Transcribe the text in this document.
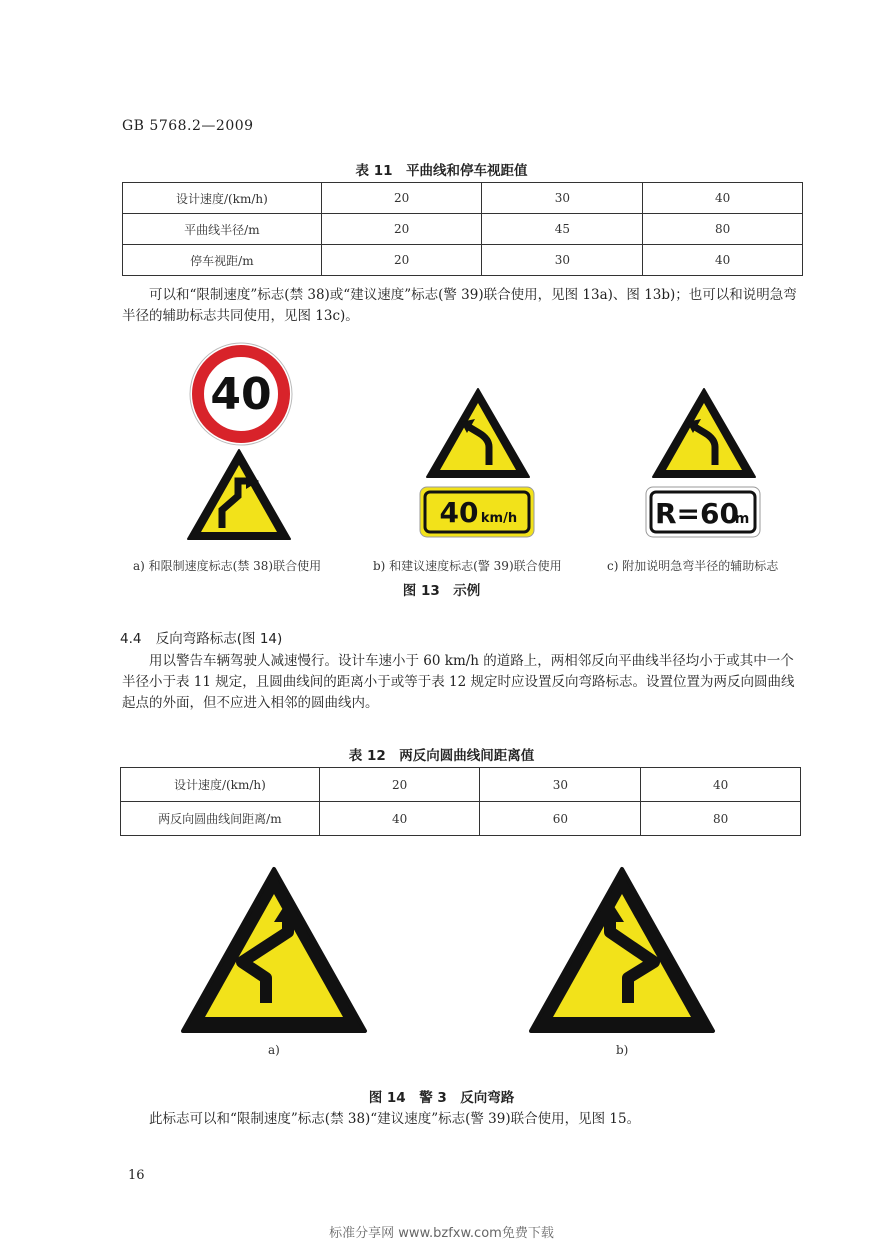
GB 5768.2—2009
表 11　平曲线和停车视距值
设计速度/(km/h)	20	30	40
平曲线半径/m	20	45	80
停车视距/m	20	30	40
可以和“限制速度”标志(禁 38)或“建议速度”标志(警 39)联合使用，见图 13a)、图 13b)；也可以和说明急弯半径的辅助标志共同使用，见图 13c)。
40
40 km/h	R=60
m
a) 和限制速度标志(禁 38)联合使用	b) 和建议速度标志(警 39)联合使用	c) 附加说明急弯半径的辅助标志
图 13　示例
4.4 反向弯路标志(图 14)
用以警告车辆驾驶人减速慢行。设计车速小于 60 km/h 的道路上，两相邻反向平曲线半径均小于或其中一个半径小于表 11 规定，且圆曲线间的距离小于或等于表 12 规定时应设置反向弯路标志。设置位置为两反向圆曲线起点的外面，但不应进入相邻的圆曲线内。
表 12　两反向圆曲线间距离值
设计速度/(km/h)	20	30	40
两反向圆曲线间距离/m	40	60	80
a)	b)
图 14　警 3　反向弯路
此标志可以和“限制速度”标志(禁 38)“建议速度”标志(警 39)联合使用，见图 15。
16
标准分享网 www.bzfxw.com免费下载
